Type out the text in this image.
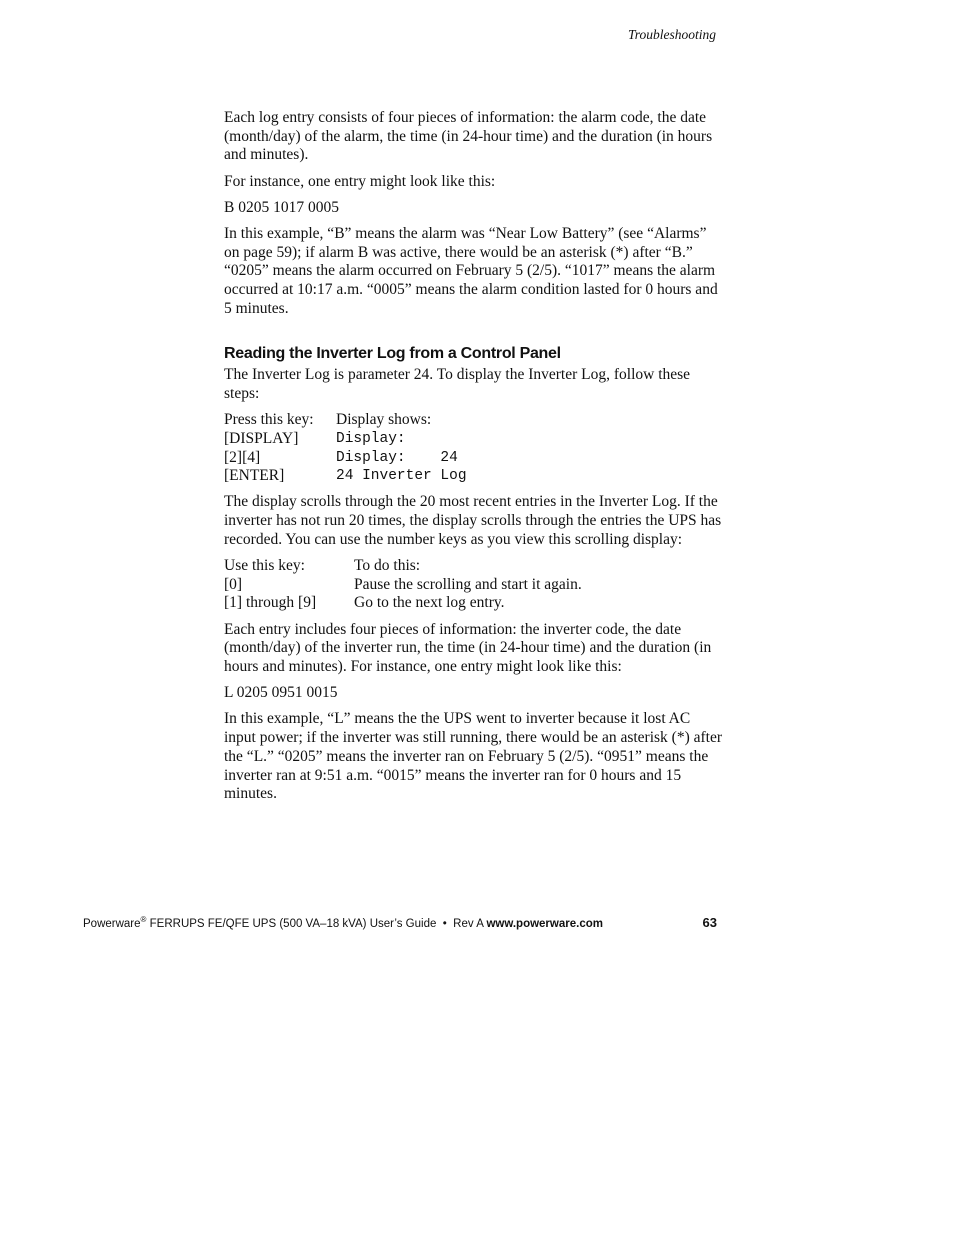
Troubleshooting

Each log entry consists of four pieces of information: the alarm code, the date (month/day) of the alarm, the time (in 24-hour time) and the duration (in hours and minutes).

For instance, one entry might look like this:

B 0205 1017 0005

In this example, “B” means the alarm was “Near Low Battery” (see “Alarms” on page 59); if alarm B was active, there would be an asterisk (*) after “B.” “0205” means the alarm occurred on February 5 (2/5). “1017” means the alarm occurred at 10:17 a.m. “0005” means the alarm condition lasted for 0 hours and 5 minutes.

Reading the Inverter Log from a Control Panel

The Inverter Log is parameter 24. To display the Inverter Log, follow these steps:

Press this key:	Display shows:
[DISPLAY]	Display:
[2][4]	Display:    24
[ENTER]	24 Inverter Log

The display scrolls through the 20 most recent entries in the Inverter Log. If the inverter has not run 20 times, the display scrolls through the entries the UPS has recorded. You can use the number keys as you view this scrolling display:

Use this key:	To do this:
[0]	Pause the scrolling and start it again.
[1] through [9]	Go to the next log entry.

Each entry includes four pieces of information: the inverter code, the date (month/day) of the inverter run, the time (in 24-hour time) and the duration (in hours and minutes). For instance, one entry might look like this:

L 0205 0951 0015

In this example, “L” means the the UPS went to inverter because it lost AC input power; if the inverter was still running, there would be an asterisk (*) after the “L.” “0205” means the inverter ran on February 5 (2/5). “0951” means the inverter ran at 9:51 a.m. “0015” means the inverter ran for 0 hours and 15 minutes.

Powerware® FERRUPS FE/QFE UPS (500 VA–18 kVA) User’s Guide  •  Rev A www.powerware.com	63
